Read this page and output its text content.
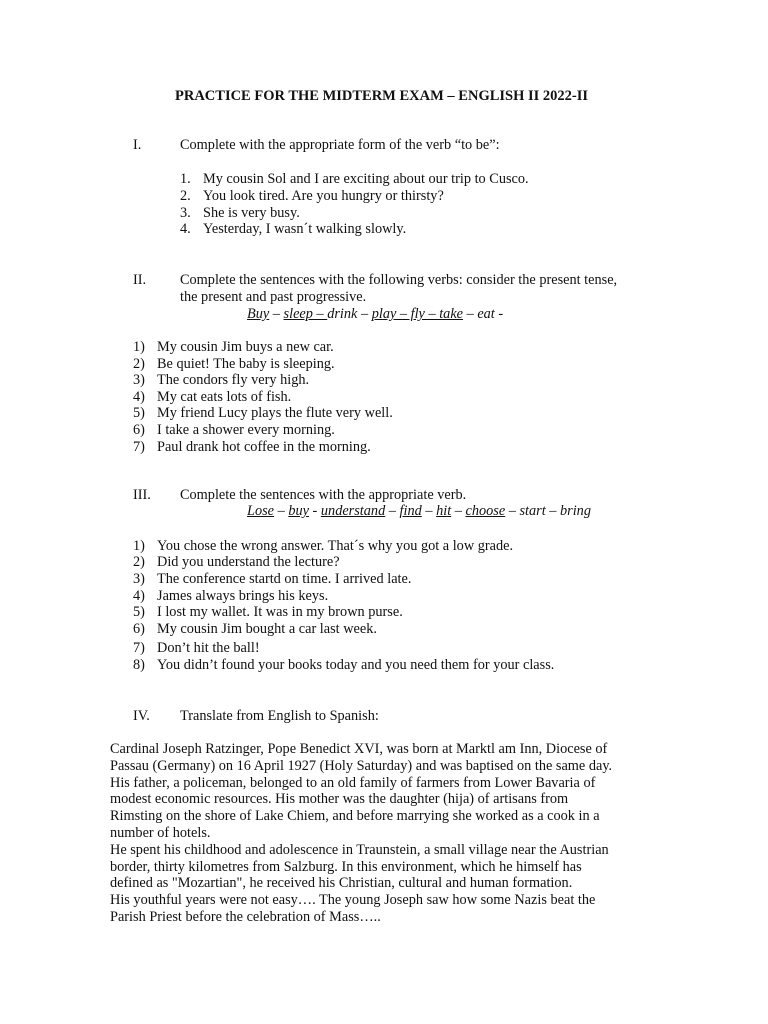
PRACTICE FOR THE MIDTERM EXAM – ENGLISH II 2022-II
I.	Complete with the appropriate form of the verb “to be”:
1. My cousin Sol and I are exciting about our trip to Cusco.
2. You look tired. Are you hungry or thirsty?
3. She is very busy.
4. Yesterday, I wasn´t walking slowly.
II. Complete the sentences with the following verbs: consider the present tense,
the present and past progressive.
Buy – sleep – drink – play – fly – take – eat -
1) My cousin Jim buys a new car.
2) Be quiet! The baby is sleeping.
3) The condors fly very high.
4) My cat eats lots of fish.
5) My friend Lucy plays the flute very well.
6) I take a shower every morning.
7) Paul drank hot coffee in the morning.
III. Complete the sentences with the appropriate verb.
Lose – buy - understand – find – hit – choose – start – bring
1) You chose the wrong answer. That´s why you got a low grade.
2) Did you understand the lecture?
3) The conference startd on time. I arrived late.
4) James always brings his keys.
5) I lost my wallet. It was in my brown purse.
6) My cousin Jim bought a car last week.
7) Don’t hit the ball!
8) You didn’t found your books today and you need them for your class.
IV. Translate from English to Spanish:
Cardinal Joseph Ratzinger, Pope Benedict XVI, was born at Marktl am Inn, Diocese of
Passau (Germany) on 16 April 1927 (Holy Saturday) and was baptised on the same day.
His father, a policeman, belonged to an old family of farmers from Lower Bavaria of
modest economic resources. His mother was the daughter (hija) of artisans from
Rimsting on the shore of Lake Chiem, and before marrying she worked as a cook in a
number of hotels.
He spent his childhood and adolescence in Traunstein, a small village near the Austrian
border, thirty kilometres from Salzburg. In this environment, which he himself has
defined as "Mozartian", he received his Christian, cultural and human formation.
His youthful years were not easy…. The young Joseph saw how some Nazis beat the
Parish Priest before the celebration of Mass…..
